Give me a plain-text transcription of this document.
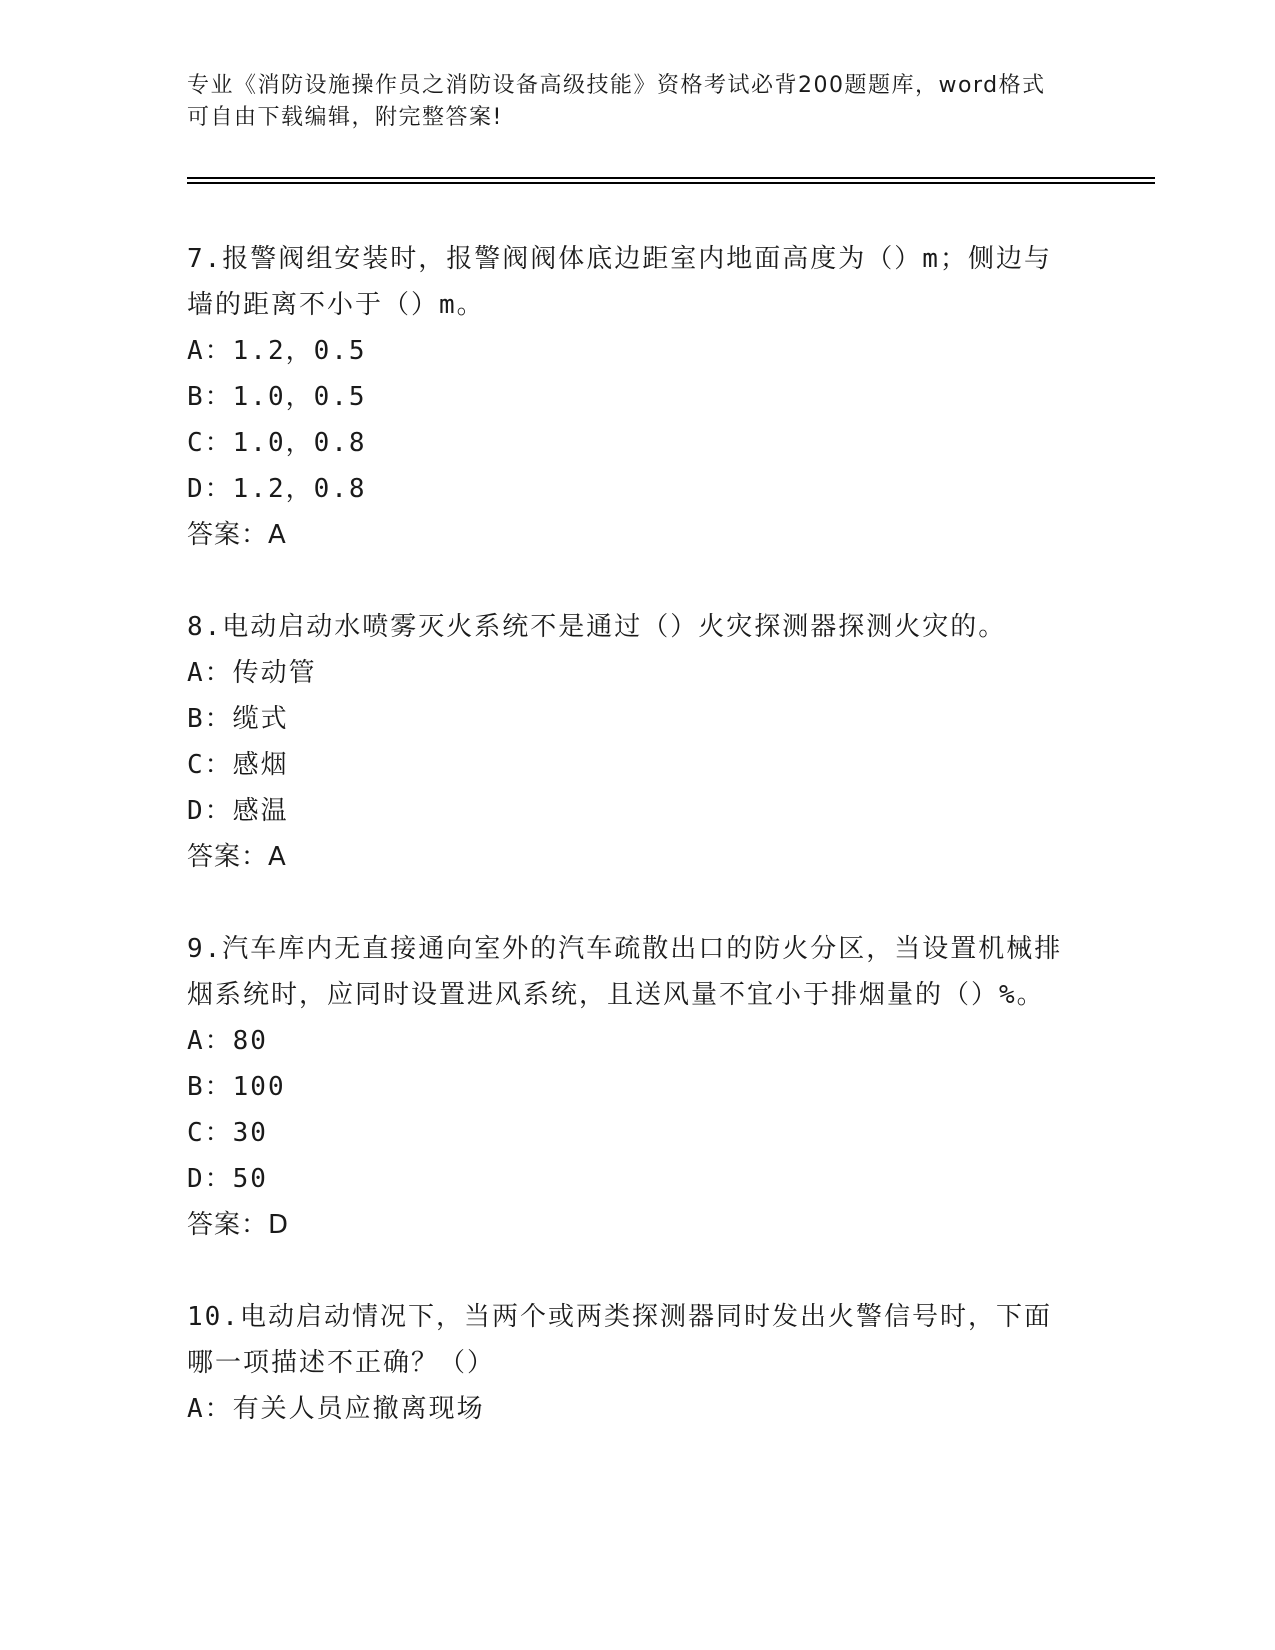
专业《消防设施操作员之消防设备高级技能》资格考试必背200题题库，word格式可自由下载编辑，附完整答案!
7.报警阀组安装时，报警阀阀体底边距室内地面高度为（）m；侧边与墙的距离不小于（）m。
A：1.2，0.5
B：1.0，0.5
C：1.0，0.8
D：1.2，0.8
答案：A
8.电动启动水喷雾灭火系统不是通过（）火灾探测器探测火灾的。
A：传动管
B：缆式
C：感烟
D：感温
答案：A
9.汽车库内无直接通向室外的汽车疏散出口的防火分区，当设置机械排烟系统时，应同时设置进风系统，且送风量不宜小于排烟量的（）%。
A：80
B：100
C：30
D：50
答案：D
10.电动启动情况下，当两个或两类探测器同时发出火警信号时，下面哪一项描述不正确？（）
A：有关人员应撤离现场
